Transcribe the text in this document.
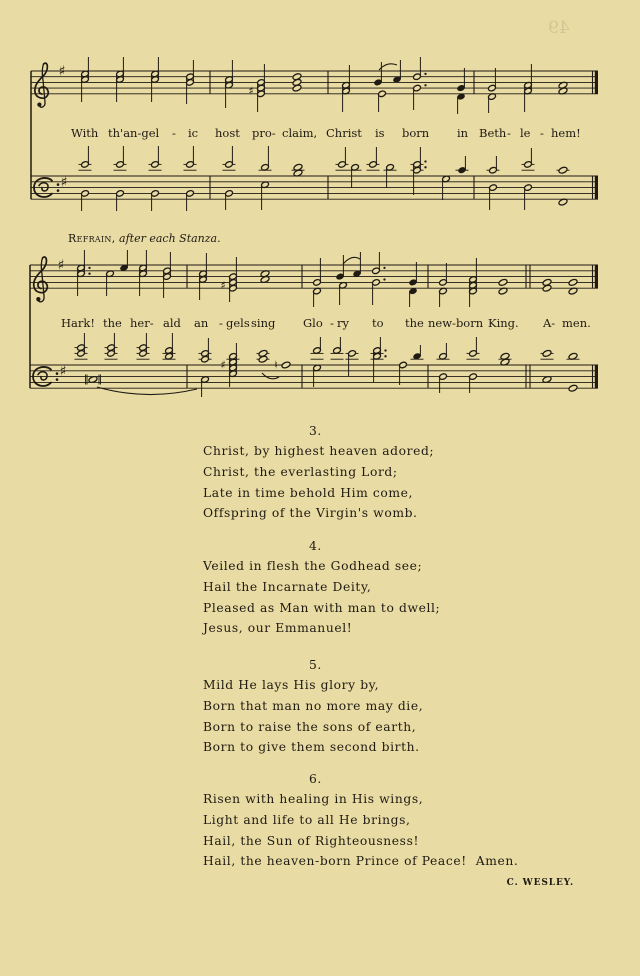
49
♯
♯
♯
♯
♯
♯	♯	♮
With th'an-gel - ic host pro- claim, Christ is born in Beth - le - hem!
Hark! the her- ald an - gels sing Glo - ry to the new-born King. A- men.
Refrain, after each Stanza.
3.
Christ, by highest heaven adored;
Christ, the everlasting Lord;
Late in time behold Him come,
Offspring of the Virgin's womb.
4.
Veiled in flesh the Godhead see;
Hail the Incarnate Deity,
Pleased as Man with man to dwell;
Jesus, our Emmanuel!
5.
Mild He lays His glory by,
Born that man no more may die,
Born to raise the sons of earth,
Born to give them second birth.
6.
Risen with healing in His wings,
Light and life to all He brings,
Hail, the Sun of Righteousness!
Hail, the heaven-born Prince of Peace!  Amen.
C. WESLEY.
